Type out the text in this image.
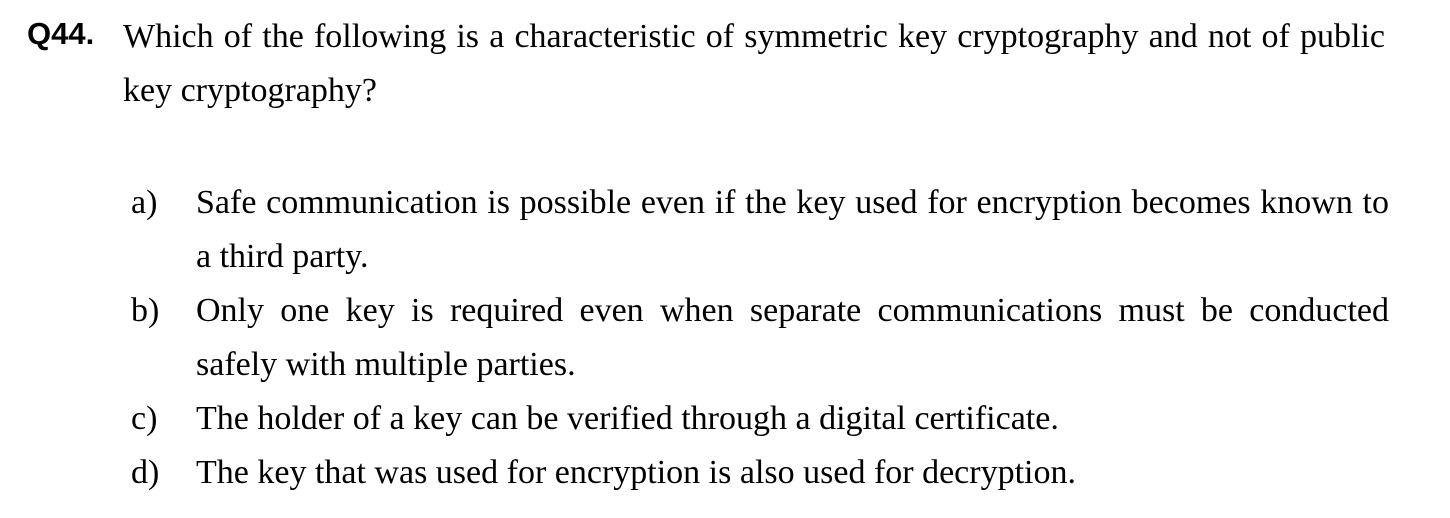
Q44. Which of the following is a characteristic of symmetric key cryptography and not of public key cryptography?
a) Safe communication is possible even if the key used for encryption becomes known to a third party.
b) Only one key is required even when separate communications must be conducted safely with multiple parties.
c) The holder of a key can be verified through a digital certificate.
d) The key that was used for encryption is also used for decryption.
